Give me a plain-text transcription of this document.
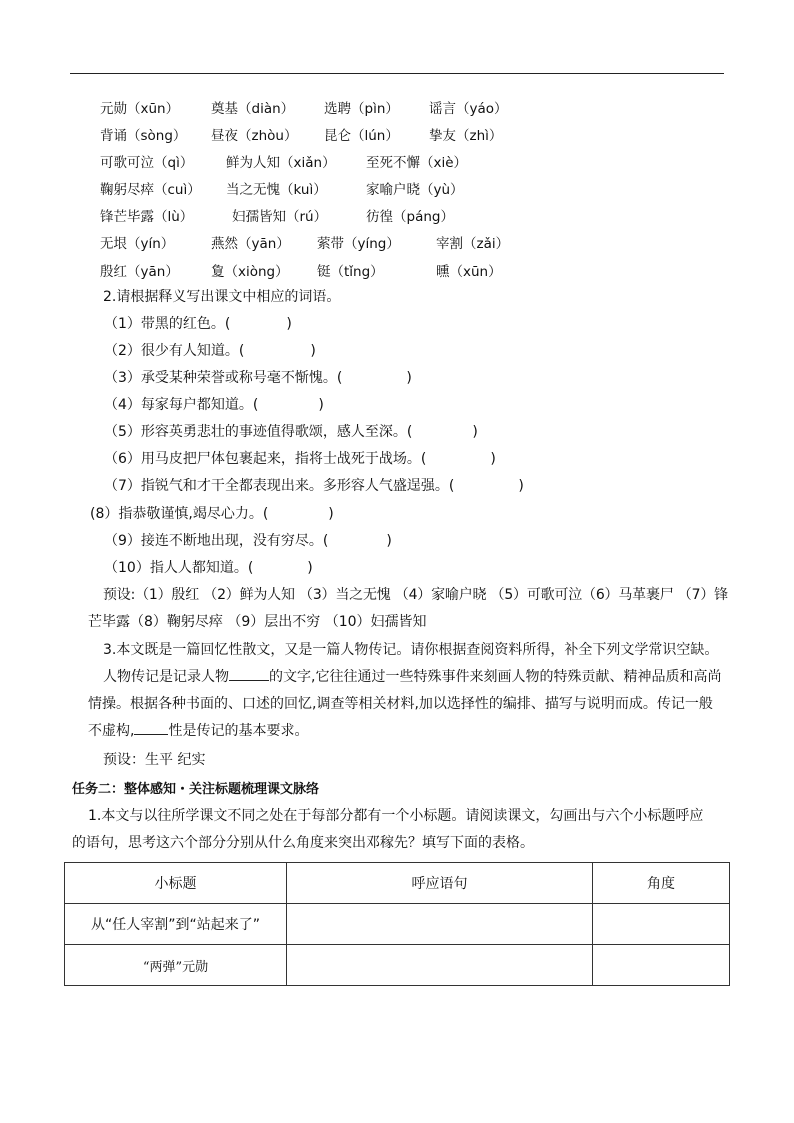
元勋（xūn） 奠基（diàn） 选聘（pìn） 谣言（yáo）
背诵（sòng） 昼夜（zhòu） 昆仑（lún） 挚友（zhì）
可歌可泣（qì） 鲜为人知（xiǎn） 至死不懈（xiè）
鞠躬尽瘁（cuì） 当之无愧（kuì）	家喻户晓（yù）
锋芒毕露（lù）	妇孺皆知（rú）	彷徨（páng）
无垠（yín）	燕然（yān） 萦带（yíng）	宰割（zǎi）
殷红（yān） 夐（xiòng） 铤（tǐng）	曛（xūn）
2.请根据释义写出课文中相应的词语。
（1）带黑的红色。(	)
（2）很少有人知道。(	)
（3）承受某种荣誉或称号毫不惭愧。(	)
（4）每家每户都知道。(	)
（5）形容英勇悲壮的事迹值得歌颂，感人至深。(	)
（6）用马皮把尸体包裹起来，指将士战死于战场。(	)
（7）指锐气和才干全都表现出来。多形容人气盛逞强。(	)
(8）指恭敬谨慎,竭尽心力。(	)
（9）接连不断地出现，没有穷尽。(	)
（10）指人人都知道。(	)
预设:（1）殷红 （2）鲜为人知 （3）当之无愧 （4）家喻户晓 （5）可歌可泣（6）马革裹尸 （7）锋
芒毕露（8）鞠躬尽瘁 （9）层出不穷 （10）妇孺皆知
3.本文既是一篇回忆性散文，又是一篇人物传记。请你根据查阅资料所得，补全下列文学常识空缺。
人物传记是记录人物	的文字,它往往通过一些特殊事件来刻画人物的特殊贡献、精神品质和高尚
情操。根据各种书面的、口述的回忆,调查等相关材料,加以选择性的编排、描写与说明而成。传记一般
不虚构, 性是传记的基本要求。
预设：生平 纪实
任务二：整体感知・关注标题梳理课文脉络
1.本文与以往所学课文不同之处在于每部分都有一个小标题。请阅读课文，勾画出与六个小标题呼应
的语句，思考这六个部分分别从什么角度来突出邓稼先？填写下面的表格。
小标题	呼应语句	角度
从“任人宰割”到“站起来了”		
“两弹”元勋		
